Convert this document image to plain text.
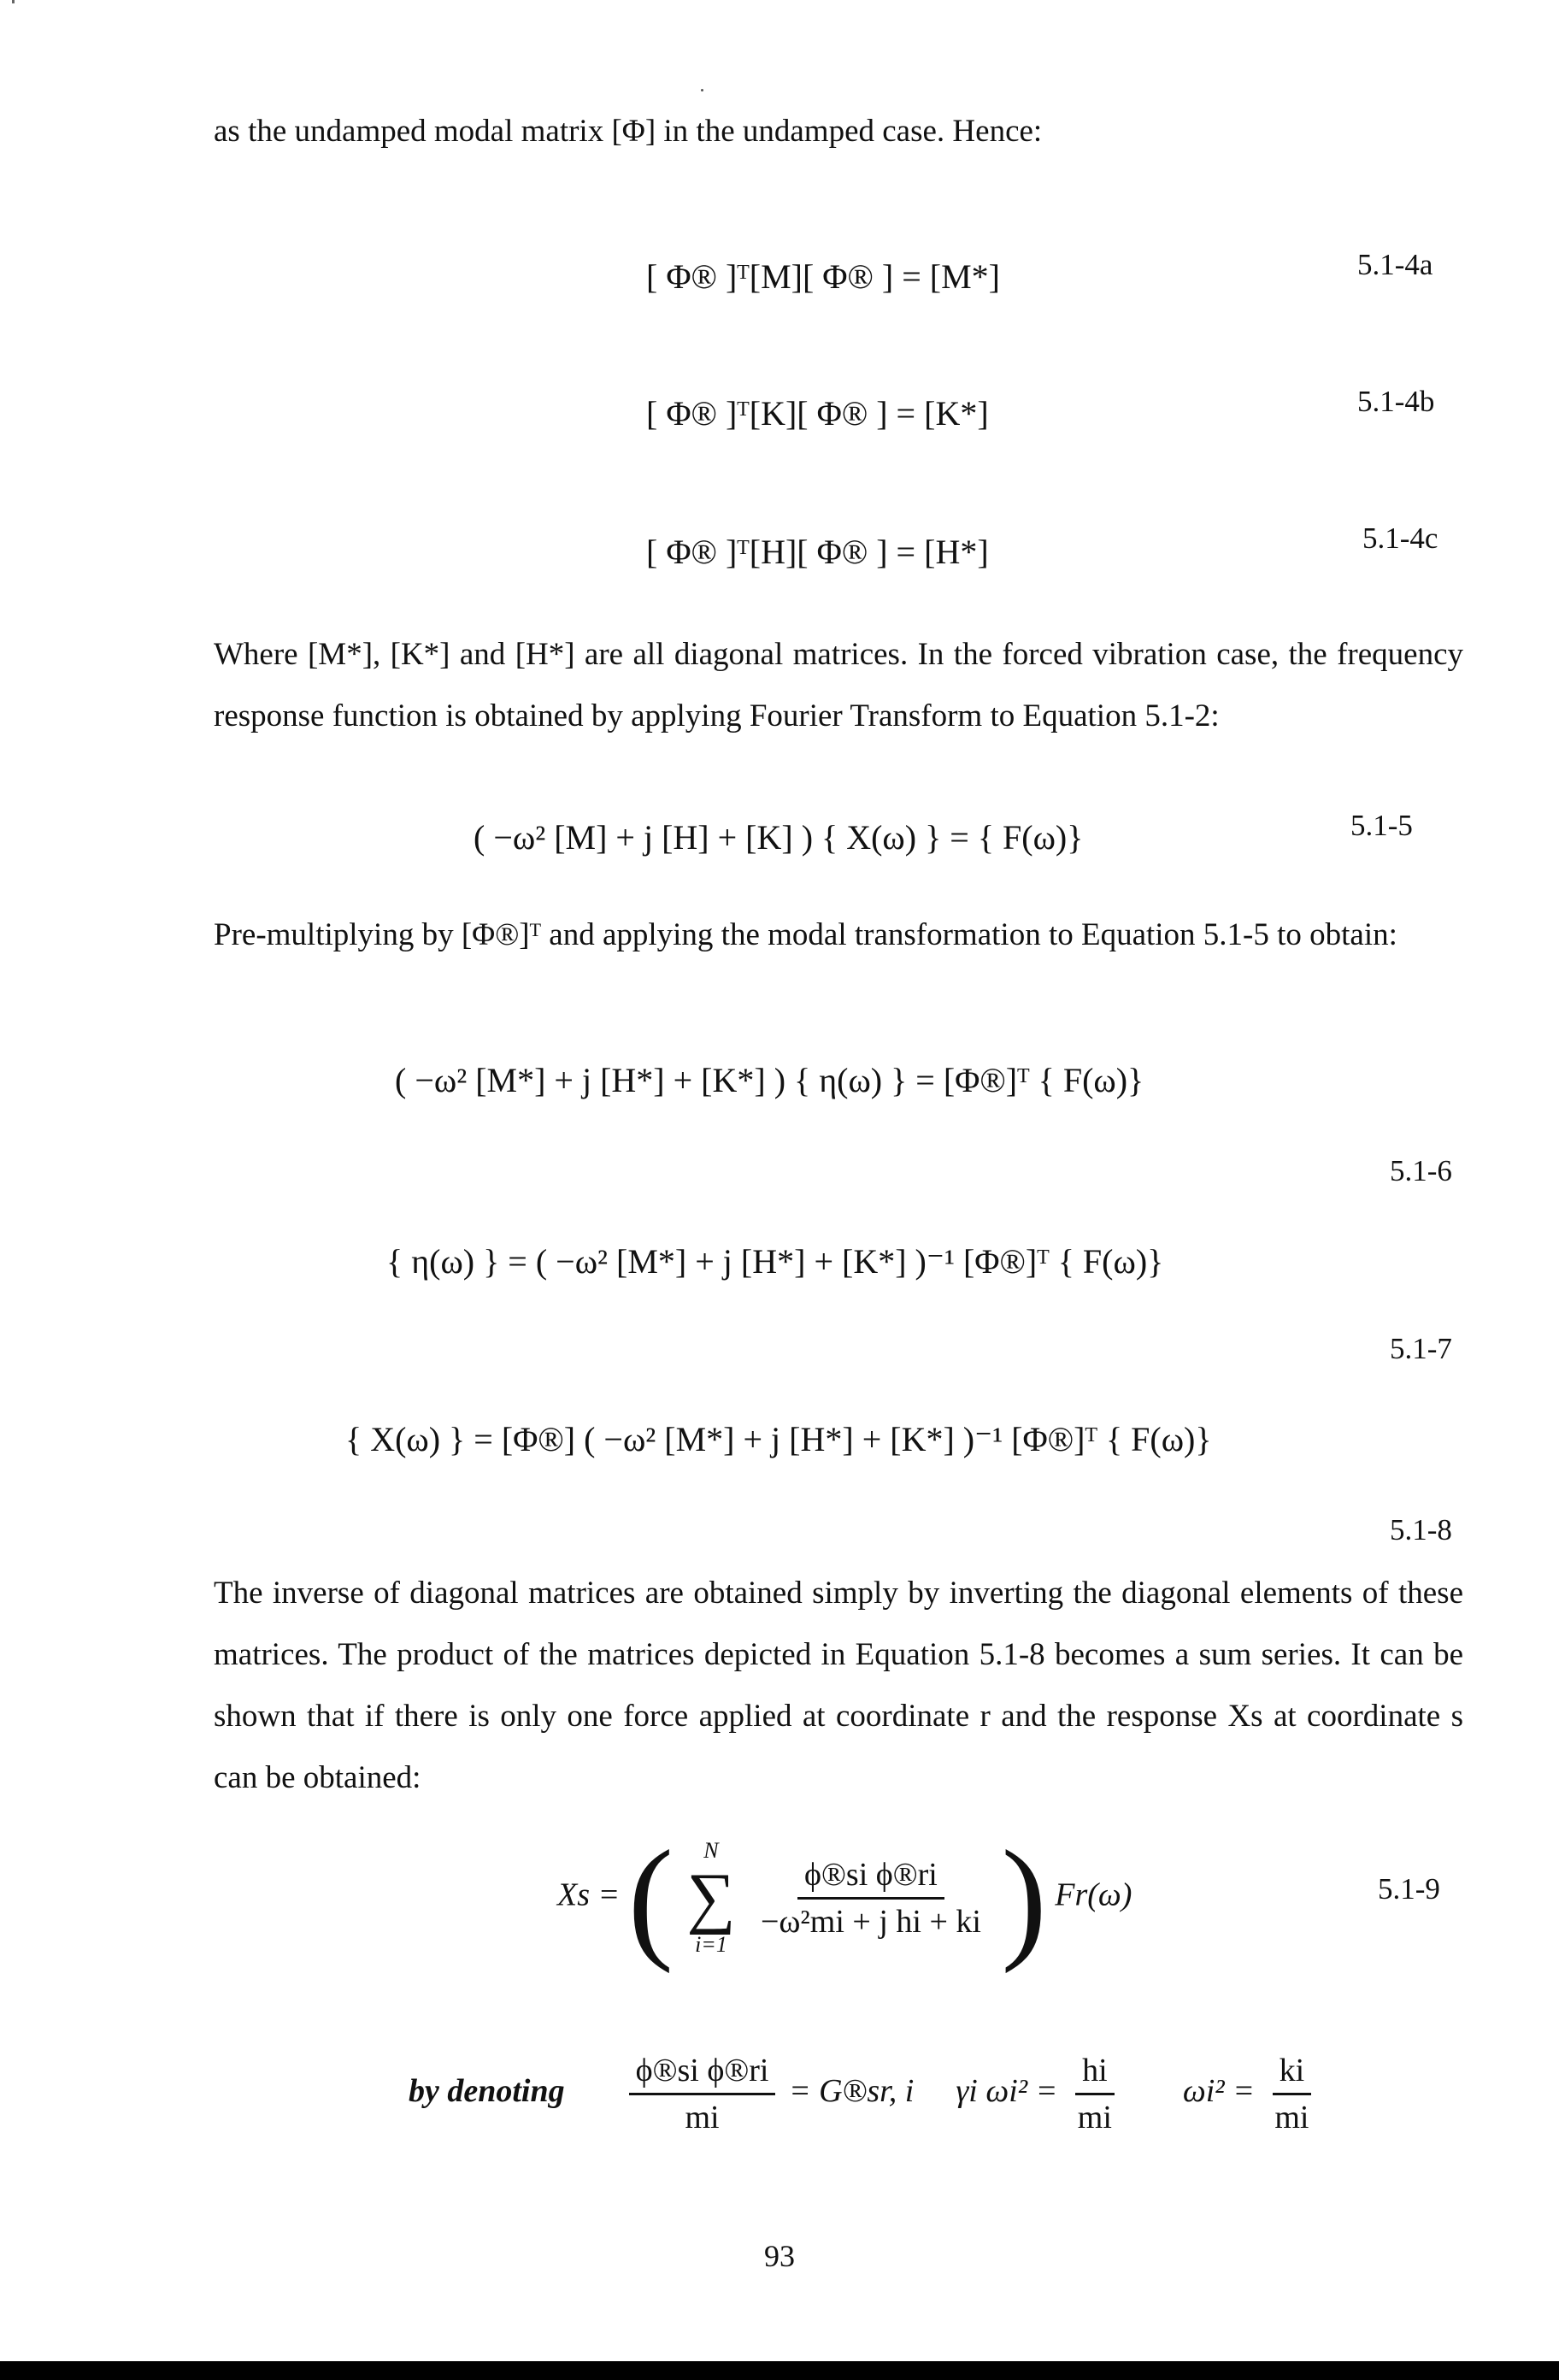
as the undamped modal matrix [Φ] in the undamped case. Hence:

[ Φ® ]ᵀ[M][ Φ® ] = [M*]	5.1-4a
[ Φ® ]ᵀ[K][ Φ® ] = [K*]	5.1-4b
[ Φ® ]ᵀ[H][ Φ® ] = [H*]	5.1-4c

Where [M*], [K*] and [H*] are all diagonal matrices. In the forced vibration case, the frequency response function is obtained by applying Fourier Transform to Equation 5.1-2:

( −ω² [M] + j [H] + [K] ) { X(ω) } = { F(ω)}	5.1-5

Pre-multiplying by [Φ®]ᵀ and applying the modal transformation to Equation 5.1-5 to obtain:

( −ω² [M*] + j [H*] + [K*] ) { η(ω) } = [Φ®]ᵀ { F(ω)}
5.1-6
{ η(ω) } = ( −ω² [M*] + j [H*] + [K*] )⁻¹ [Φ®]ᵀ { F(ω)}
5.1-7
{ X(ω) } = [Φ®] ( −ω² [M*] + j [H*] + [K*] )⁻¹ [Φ®]ᵀ { F(ω)}
5.1-8

The inverse of diagonal matrices are obtained simply by inverting the diagonal elements of these matrices. The product of the matrices depicted in Equation 5.1-8 becomes a sum series. It can be shown that if there is only one force applied at coordinate r and the response Xs at coordinate s can be obtained:

Xs = ( N
∑
i=1

$\frac{\text{ϕ®si ϕ®ri}}{\text{−ω²mi + j hi + ki}}$ ) Fr(ω)	5.1-9
by denoting $\frac{\text{ϕ®si ϕ®ri}}{mi}$ = G®sr, i γi $\omega i^2 = \frac{hi}{mi} \omega i^2 = \frac{ki}{mi}$
93
